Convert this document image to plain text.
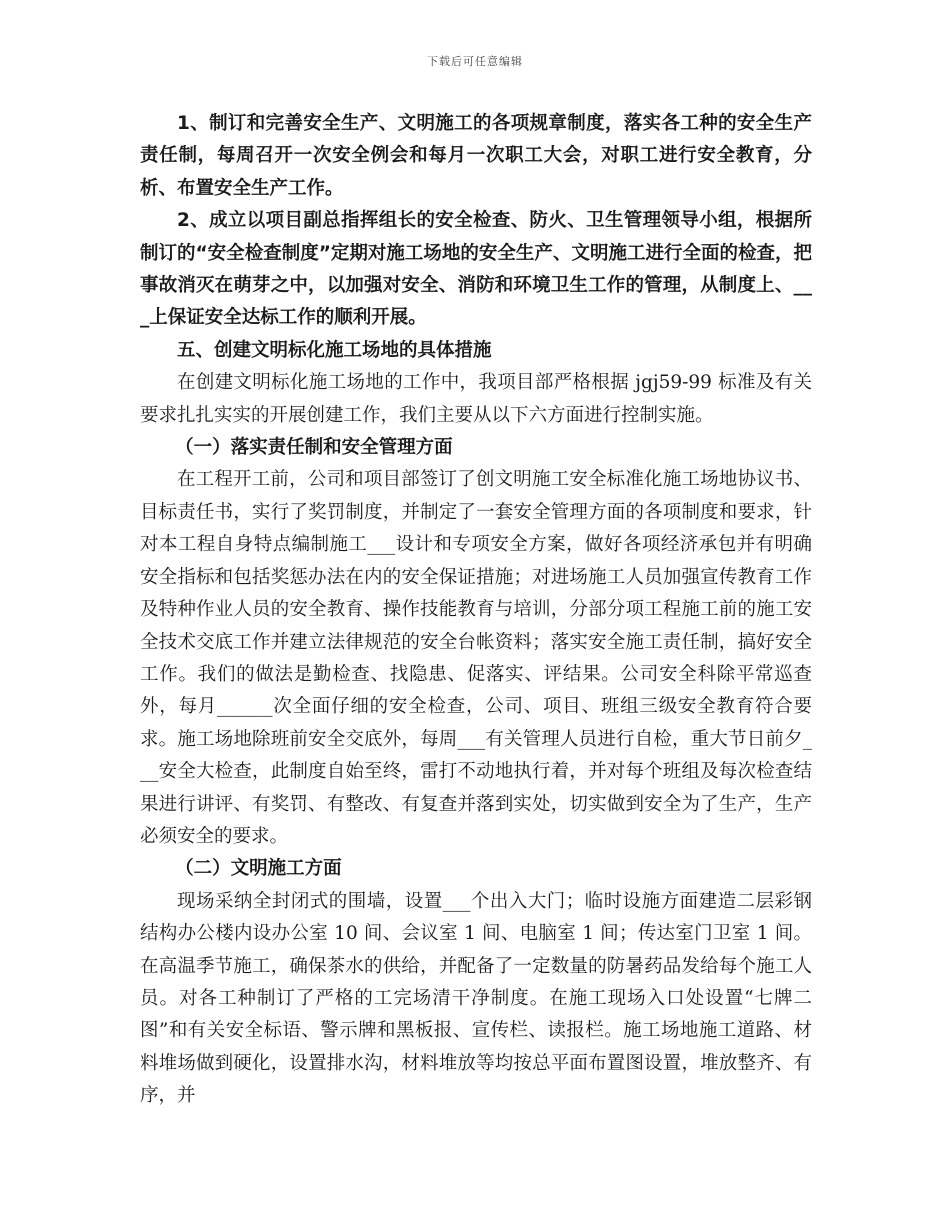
下载后可任意编辑

1、制订和完善安全生产、文明施工的各项规章制度，落实各工种的安全生产责任制，每周召开一次安全例会和每月一次职工大会，对职工进行安全教育，分析、布置安全生产工作。

2、成立以项目副总指挥组长的安全检查、防火、卫生管理领导小组，根据所制订的“安全检查制度”定期对施工场地的安全生产、文明施工进行全面的检查，把事故消灭在萌芽之中，以加强对安全、消防和环境卫生工作的管理，从制度上、___上保证安全达标工作的顺利开展。

五、创建文明标化施工场地的具体措施

在创建文明标化施工场地的工作中，我项目部严格根据 jgj59-99 标准及有关要求扎扎实实的开展创建工作，我们主要从以下六方面进行控制实施。

（一）落实责任制和安全管理方面

在工程开工前，公司和项目部签订了创文明施工安全标准化施工场地协议书、目标责任书，实行了奖罚制度，并制定了一套安全管理方面的各项制度和要求，针对本工程自身特点编制施工___设计和专项安全方案，做好各项经济承包并有明确安全指标和包括奖惩办法在内的安全保证措施；对进场施工人员加强宣传教育工作及特种作业人员的安全教育、操作技能教育与培训，分部分项工程施工前的施工安全技术交底工作并建立法律规范的安全台帐资料；落实安全施工责任制，搞好安全工作。我们的做法是勤检查、找隐患、促落实、评结果。公司安全科除平常巡查外，每月______次全面仔细的安全检查，公司、项目、班组三级安全教育符合要求。施工场地除班前安全交底外，每周___有关管理人员进行自检，重大节日前夕___安全大检查，此制度自始至终，雷打不动地执行着，并对每个班组及每次检查结果进行讲评、有奖罚、有整改、有复查并落到实处，切实做到安全为了生产，生产必须安全的要求。

（二）文明施工方面

现场采纳全封闭式的围墙，设置___个出入大门；临时设施方面建造二层彩钢结构办公楼内设办公室 10 间、会议室 1 间、电脑室 1 间；传达室门卫室 1 间。在高温季节施工，确保茶水的供给，并配备了一定数量的防暑药品发给每个施工人员。对各工种制订了严格的工完场清干净制度。在施工现场入口处设置“七牌二图”和有关安全标语、警示牌和黑板报、宣传栏、读报栏。施工场地施工道路、材料堆场做到硬化，设置排水沟，材料堆放等均按总平面布置图设置，堆放整齐、有序，并
